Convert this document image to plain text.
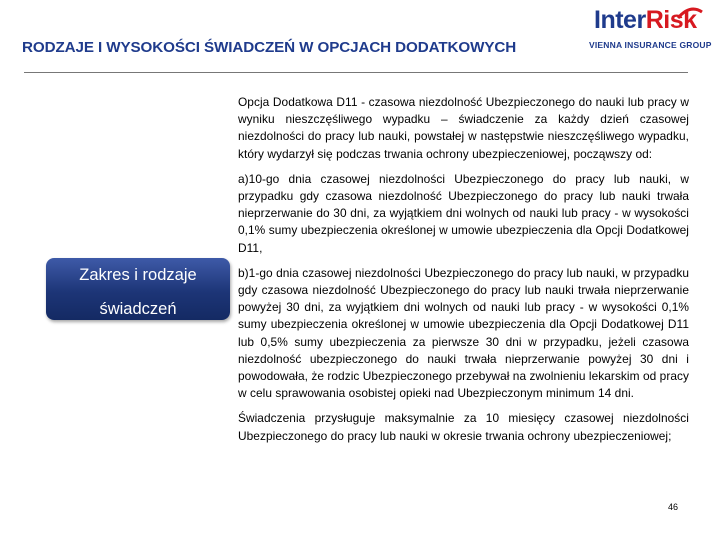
RODZAJE I WYSOKOŚCI ŚWIADCZEŃ W OPCJACH DODATKOWYCH
InterRisk
VIENNA INSURANCE GROUP
Zakres i rodzaje
świadczeń

Opcja Dodatkowa D11 - czasowa niezdolność Ubezpieczonego do nauki lub pracy w wyniku nieszczęśliwego wypadku – świadczenie za każdy dzień czasowej niezdolności do pracy lub nauki, powstałej w następstwie nieszczęśliwego wypadku, który wydarzył się podczas trwania ochrony ubezpieczeniowej, począwszy od:

a)10-go dnia czasowej niezdolności Ubezpieczonego do pracy lub nauki, w przypadku gdy czasowa niezdolność Ubezpieczonego do pracy lub nauki trwała nieprzerwanie do 30 dni, za wyjątkiem dni wolnych od nauki lub pracy - w wysokości 0,1% sumy ubezpieczenia określonej w umowie ubezpieczenia dla Opcji Dodatkowej D11,

b)1-go dnia czasowej niezdolności Ubezpieczonego do pracy lub nauki, w przypadku gdy czasowa niezdolność Ubezpieczonego do pracy lub nauki trwała nieprzerwanie powyżej 30 dni, za wyjątkiem dni wolnych od nauki lub pracy - w wysokości 0,1% sumy ubezpieczenia określonej w umowie ubezpieczenia dla Opcji Dodatkowej D11 lub 0,5% sumy ubezpieczenia za pierwsze 30 dni w przypadku, jeżeli czasowa niezdolność ubezpieczonego do nauki trwała nieprzerwanie powyżej 30 dni i powodowała, że rodzic Ubezpieczonego przebywał na zwolnieniu lekarskim od pracy w celu sprawowania osobistej opieki nad Ubezpieczonym minimum 14 dni.

Świadczenia przysługuje maksymalnie za 10 miesięcy czasowej niezdolności Ubezpieczonego do pracy lub nauki w okresie trwania ochrony ubezpieczeniowej;

46
